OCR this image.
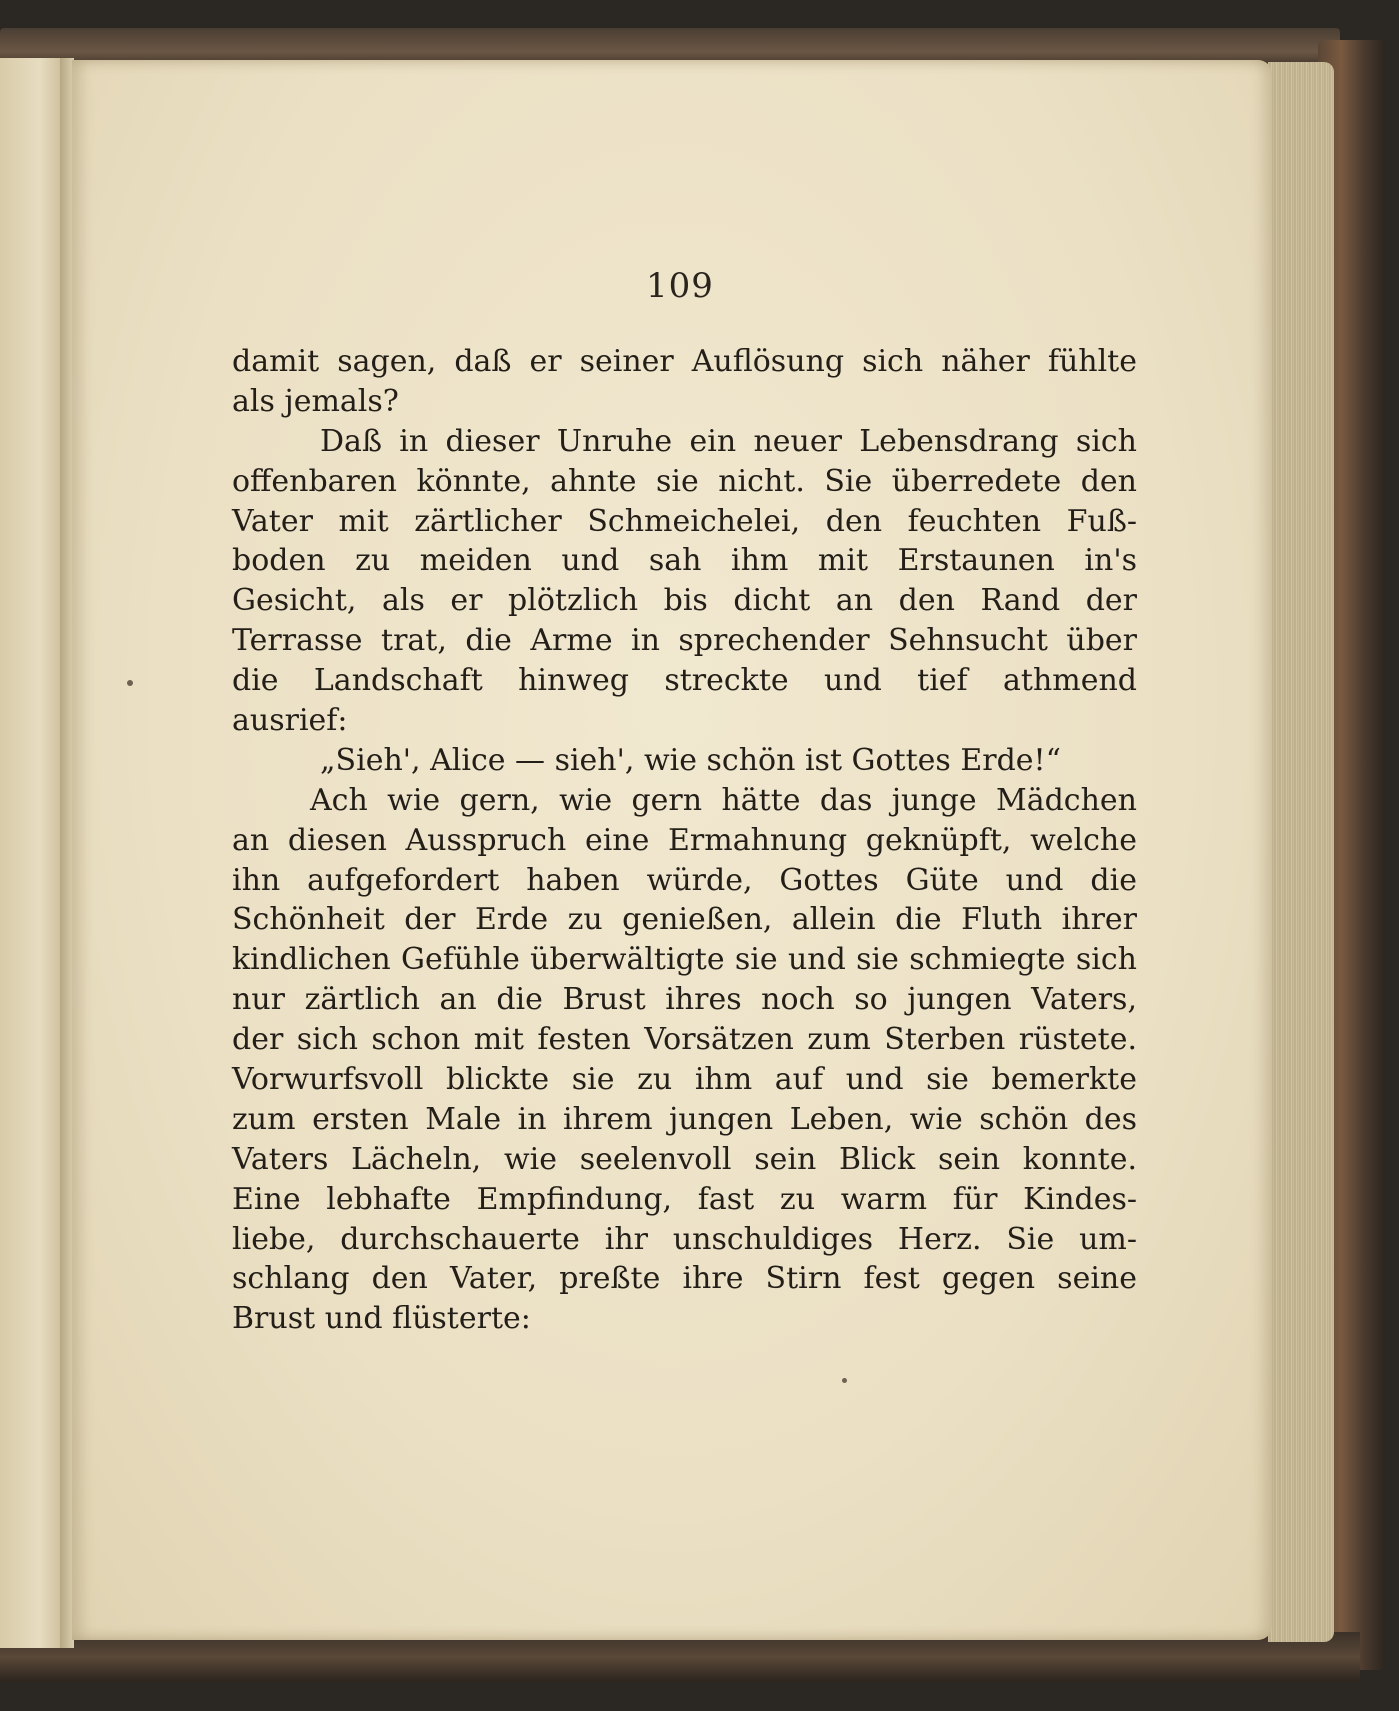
109
damit sagen, daß er seiner Auflösung sich näher fühlte
als jemals?
Daß in dieser Unruhe ein neuer Lebensdrang sich
offenbaren könnte, ahnte sie nicht. Sie überredete den
Vater mit zärtlicher Schmeichelei, den feuchten Fuß-
boden zu meiden und sah ihm mit Erstaunen in's
Gesicht, als er plötzlich bis dicht an den Rand der
Terrasse trat, die Arme in sprechender Sehnsucht über
die Landschaft hinweg streckte und tief athmend
ausrief:
„Sieh', Alice — sieh', wie schön ist Gottes Erde!“
Ach wie gern, wie gern hätte das junge Mädchen
an diesen Ausspruch eine Ermahnung geknüpft, welche
ihn aufgefordert haben würde, Gottes Güte und die
Schönheit der Erde zu genießen, allein die Fluth ihrer
kindlichen Gefühle überwältigte sie und sie schmiegte sich
nur zärtlich an die Brust ihres noch so jungen Vaters,
der sich schon mit festen Vorsätzen zum Sterben rüstete.
Vorwurfsvoll blickte sie zu ihm auf und sie bemerkte
zum ersten Male in ihrem jungen Leben, wie schön des
Vaters Lächeln, wie seelenvoll sein Blick sein konnte.
Eine lebhafte Empfindung, fast zu warm für Kindes-
liebe, durchschauerte ihr unschuldiges Herz. Sie um-
schlang den Vater, preßte ihre Stirn fest gegen seine
Brust und flüsterte:
